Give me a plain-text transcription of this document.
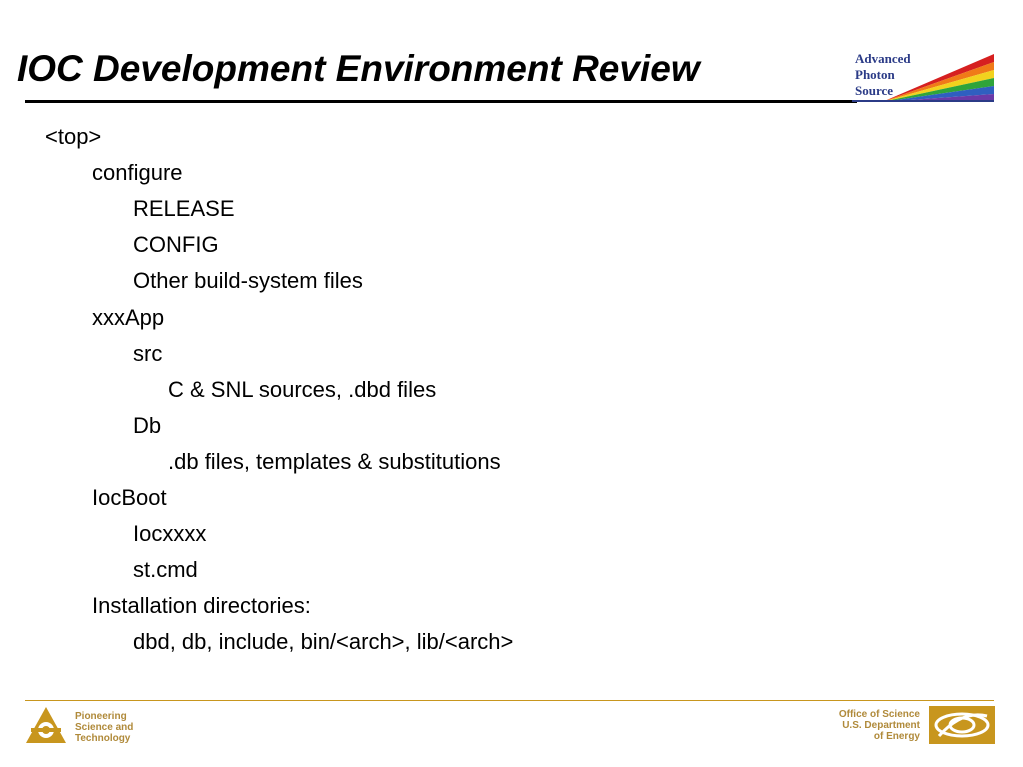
IOC Development Environment Review	Advanced
Photon
Source
<top>
configure
RELEASE
CONFIG
Other build-system files
xxxApp
src
C & SNL sources, .dbd files
Db
.db files, templates & substitutions
IocBoot
Iocxxxx
st.cmd
Installation directories:
dbd, db, include, bin/<arch>, lib/<arch>
Pioneering
Science and
Technology
Office of Science
U.S. Department
of Energy
